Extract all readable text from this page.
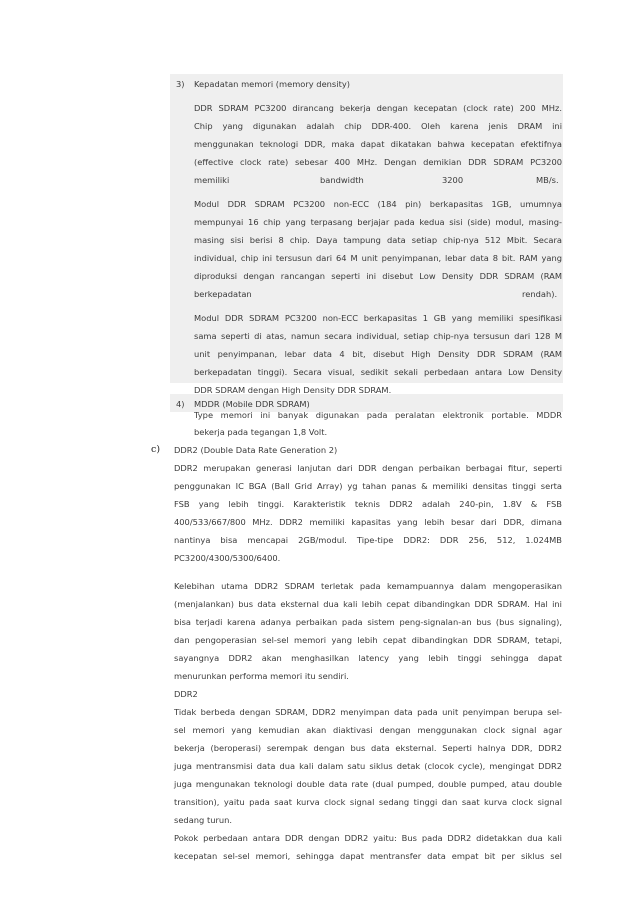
3) Kepadatan memori (memory density)
DDR SDRAM PC3200 dirancang bekerja dengan kecepatan (clock rate) 200 MHz.
Chip yang digunakan adalah chip DDR-400. Oleh karena jenis DRAM ini
menggunakan teknologi DDR, maka dapat dikatakan bahwa kecepatan efektifnya
(effective clock rate) sebesar 400 MHz. Dengan demikian DDR SDRAM PC3200
memiliki	bandwidth	3200	MB/s.
Modul DDR SDRAM PC3200 non-ECC (184 pin) berkapasitas 1GB, umumnya
mempunyai 16 chip yang terpasang berjajar pada kedua sisi (side) modul, masing-
masing sisi berisi 8 chip. Daya tampung data setiap chip-nya 512 Mbit. Secara
individual, chip ini tersusun dari 64 M unit penyimpanan, lebar data 8 bit. RAM yang
diproduksi dengan rancangan seperti ini disebut Low Density DDR SDRAM (RAM
berkepadatan	rendah).
Modul DDR SDRAM PC3200 non-ECC berkapasitas 1 GB yang memiliki spesifikasi
sama seperti di atas, namun secara individual, setiap chip-nya tersusun dari 128 M
unit penyimpanan, lebar data 4 bit, disebut High Density DDR SDRAM (RAM
berkepadatan tinggi). Secara visual, sedikit sekali perbedaan antara Low Density
DDR SDRAM dengan High Density DDR SDRAM.
4) MDDR (Mobile DDR SDRAM)
Type memori ini banyak digunakan pada peralatan elektronik portable. MDDR
bekerja pada tegangan 1,8 Volt.
c) DDR2 (Double Data Rate Generation 2)
DDR2 merupakan generasi lanjutan dari DDR dengan perbaikan berbagai fitur, seperti
penggunakan IC BGA (Ball Grid Array) yg tahan panas & memiliki densitas tinggi serta
FSB yang lebih tinggi. Karakteristik teknis DDR2 adalah 240-pin, 1.8V & FSB
400/533/667/800 MHz. DDR2 memiliki kapasitas yang lebih besar dari DDR, dimana
nantinya bisa mencapai 2GB/modul. Tipe-tipe DDR2: DDR 256, 512, 1.024MB
PC3200/4300/5300/6400.
Kelebihan utama DDR2 SDRAM terletak pada kemampuannya dalam mengoperasikan
(menjalankan) bus data eksternal dua kali lebih cepat dibandingkan DDR SDRAM. Hal ini
bisa terjadi karena adanya perbaikan pada sistem peng-signalan-an bus (bus signaling),
dan pengoperasian sel-sel memori yang lebih cepat dibandingkan DDR SDRAM, tetapi,
sayangnya DDR2 akan menghasilkan latency yang lebih tinggi sehingga dapat
menurunkan performa memori itu sendiri.
DDR2
Tidak berbeda dengan SDRAM, DDR2 menyimpan data pada unit penyimpan berupa sel-
sel memori yang kemudian akan diaktivasi dengan menggunakan clock signal agar
bekerja (beroperasi) serempak dengan bus data eksternal. Seperti halnya DDR, DDR2
juga mentransmisi data dua kali dalam satu siklus detak (clocok cycle), mengingat DDR2
juga mengunakan teknologi double data rate (dual pumped, double pumped, atau double
transition), yaitu pada saat kurva clock signal sedang tinggi dan saat kurva clock signal
sedang turun.
Pokok perbedaan antara DDR dengan DDR2 yaitu: Bus pada DDR2 didetakkan dua kali
kecepatan sel-sel memori, sehingga dapat mentransfer data empat bit per siklus sel
